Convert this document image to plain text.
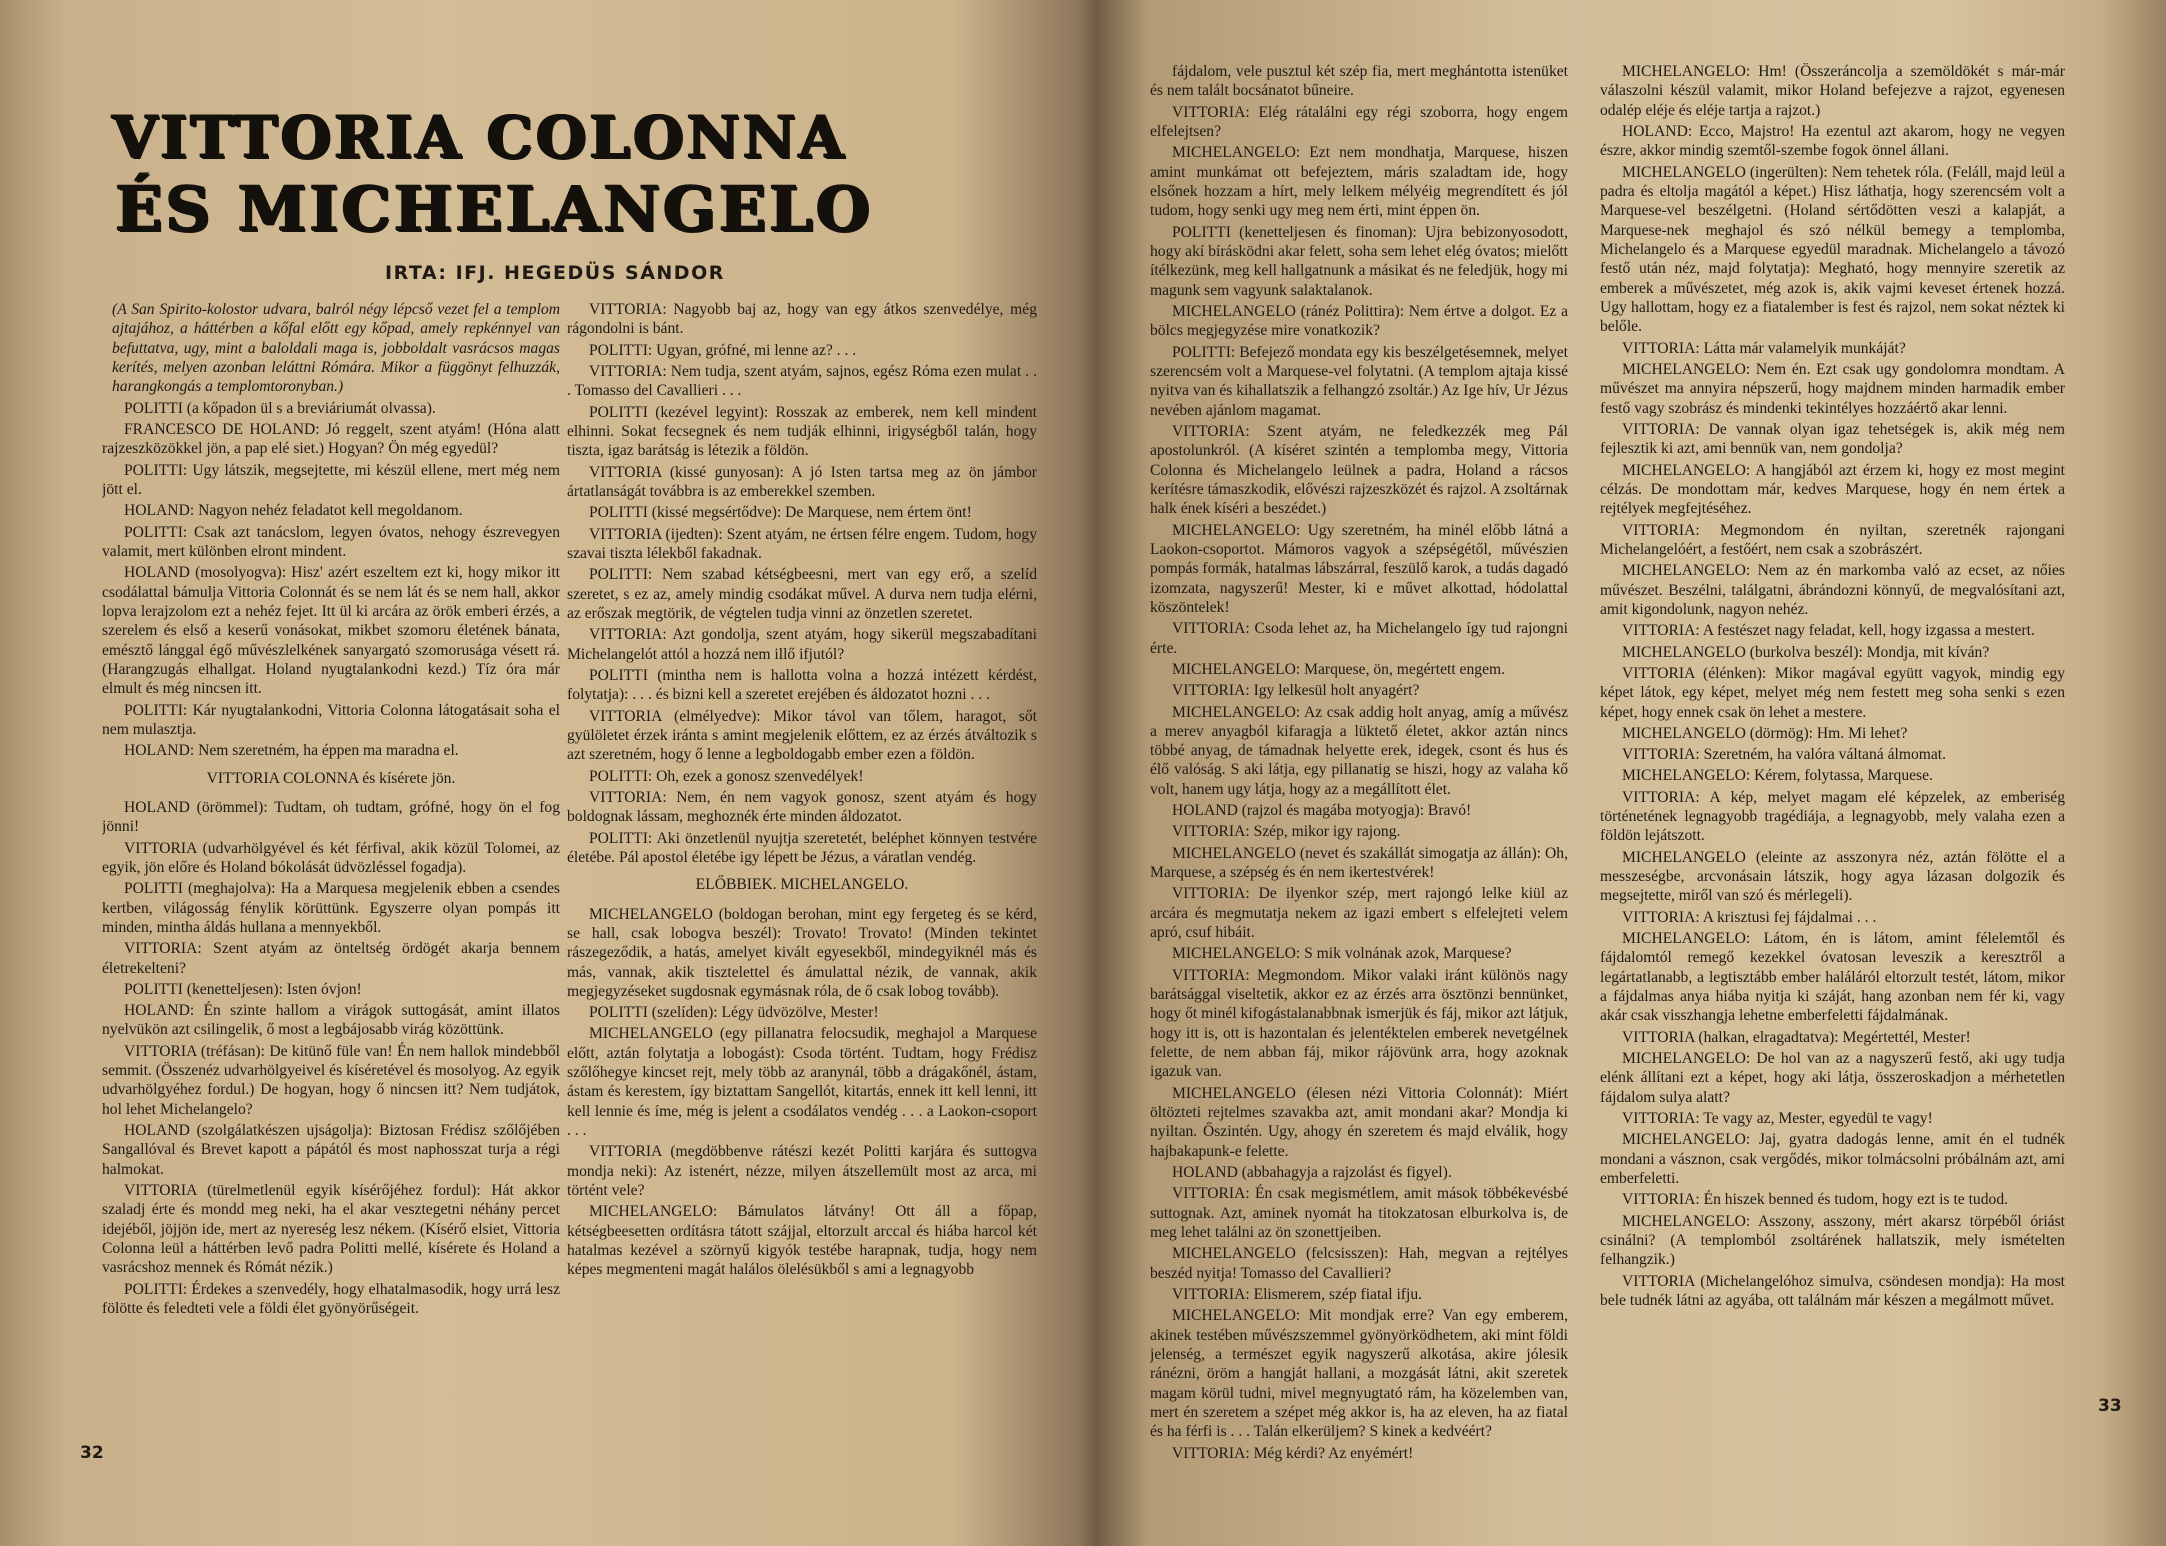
VITTORIA COLONNA
ÉS MICHELANGELO
IRTA: IFJ. HEGEDÜS SÁNDOR

(A San Spirito-kolostor udvara, balról négy lépcső vezet fel a templom ajtajához, a háttérben a kőfal előtt egy kőpad, amely repkénnyel van befuttatva, ugy, mint a baloldali maga is, jobboldalt vasrácsos magas kerítés, melyen azonban leláttni Rómára. Mikor a függönyt felhuzzák, harangkongás a templomtoronyban.)

POLITTI (a kőpadon ül s a breviáriumát olvassa).

FRANCESCO DE HOLAND: Jó reggelt, szent atyám! (Hóna alatt rajzeszközökkel jön, a pap elé siet.) Hogyan? Ön még egyedül?

POLITTI: Ugy látszik, megsejtette, mi készül ellene, mert még nem jött el.

HOLAND: Nagyon nehéz feladatot kell megoldanom.

POLITTI: Csak azt tanácslom, legyen óvatos, nehogy észrevegyen valamit, mert különben elront mindent.

HOLAND (mosolyogva): Hisz' azért eszeltem ezt ki, hogy mikor itt csodálattal bámulja Vittoria Colonnát és se nem lát és se nem hall, akkor lopva lerajzolom ezt a nehéz fejet. Itt ül ki arcára az örök emberi érzés, a szerelem és első a keserű vonásokat, mikbet szomoru életének bánata, emésztő lánggal égő művészlelkének sanyargató szomorusága vésett rá. (Harangzugás elhallgat. Holand nyugtalankodni kezd.) Tíz óra már elmult és még nincsen itt.

POLITTI: Kár nyugtalankodni, Vittoria Colonna látogatásait soha el nem mulasztja.

HOLAND: Nem szeretném, ha éppen ma maradna el.

VITTORIA COLONNA és kísérete jön.

HOLAND (örömmel): Tudtam, oh tudtam, grófné, hogy ön el fog jönni!

VITTORIA (udvarhölgyével és két férfival, akik közül Tolomei, az egyik, jön előre és Holand bókolását üdvözléssel fogadja).

POLITTI (meghajolva): Ha a Marquesa megjelenik ebben a csendes kertben, világosság fénylik körüttünk. Egyszerre olyan pompás itt minden, mintha áldás hullana a mennyekből.

VITTORIA: Szent atyám az önteltség ördögét akarja bennem életrekelteni?

POLITTI (kenetteljesen): Isten óvjon!

HOLAND: Én szinte hallom a virágok suttogását, amint illatos nyelvükön azt csilingelik, ő most a legbájosabb virág közöttünk.

VITTORIA (tréfásan): De kitünő füle van! Én nem hallok mindebből semmit. (Összenéz udvarhölgyeivel és kíséretével és mosolyog. Az egyik udvarhölgyéhez fordul.) De hogyan, hogy ő nincsen itt? Nem tudjátok, hol lehet Michelangelo?

HOLAND (szolgálatkészen ujságolja): Biztosan Frédisz szőlőjében Sangallóval és Brevet kapott a pápától és most naphosszat turja a régi halmokat.

VITTORIA (türelmetlenül egyik kísérőjéhez fordul): Hát akkor szaladj érte és mondd meg neki, ha el akar vesztegetni néhány percet idejéből, jöjjön ide, mert az nyereség lesz nékem. (Kísérő elsiet, Vittoria Colonna leül a háttérben levő padra Politti mellé, kísérete és Holand a vasrácshoz mennek és Rómát nézik.)

POLITTI: Érdekes a szenvedély, hogy elhatalmasodik, hogy urrá lesz fölötte és feledteti vele a földi élet gyönyörűségeit.

VITTORIA: Nagyobb baj az, hogy van egy átkos szenvedélye, még rágondolni is bánt.

POLITTI: Ugyan, grófné, mi lenne az? . . .

VITTORIA: Nem tudja, szent atyám, sajnos, egész Róma ezen mulat . . . Tomasso del Cavallieri . . .

POLITTI (kezével legyint): Rosszak az emberek, nem kell mindent elhinni. Sokat fecsegnek és nem tudják elhinni, irigységből talán, hogy tiszta, igaz barátság is létezik a földön.

VITTORIA (kissé gunyosan): A jó Isten tartsa meg az ön jámbor ártatlanságát továbbra is az emberekkel szemben.

POLITTI (kissé megsértődve): De Marquese, nem értem önt!

VITTORIA (ijedten): Szent atyám, ne értsen félre engem. Tudom, hogy szavai tiszta lélekből fakadnak.

POLITTI: Nem szabad kétségbeesni, mert van egy erő, a szelíd szeretet, s ez az, amely mindig csodákat művel. A durva nem tudja elérni, az erőszak megtörik, de végtelen tudja vinni az önzetlen szeretet.

VITTORIA: Azt gondolja, szent atyám, hogy sikerül megszabadítani Michelangelót attól a hozzá nem illő ifjutól?

POLITTI (mintha nem is hallotta volna a hozzá intézett kérdést, folytatja): . . . és bizni kell a szeretet erejében és áldozatot hozni . . .

VITTORIA (elmélyedve): Mikor távol van tőlem, haragot, sőt gyülöletet érzek iránta s amint megjelenik előttem, ez az érzés átváltozik s azt szeretném, hogy ő lenne a legboldogabb ember ezen a földön.

POLITTI: Oh, ezek a gonosz szenvedélyek!

VITTORIA: Nem, én nem vagyok gonosz, szent atyám és hogy boldognak lássam, meghoznék érte minden áldozatot.

POLITTI: Aki önzetlenül nyujtja szeretetét, beléphet könnyen testvére életébe. Pál apostol életébe igy lépett be Jézus, a váratlan vendég.

ELŐBBIEK. MICHELANGELO.

MICHELANGELO (boldogan berohan, mint egy fergeteg és se kérd, se hall, csak lobogva beszél): Trovato! Trovato! (Minden tekintet rászegeződik, a hatás, amelyet kivált egyesekből, mindegyiknél más és más, vannak, akik tisztelettel és ámulattal nézik, de vannak, akik megjegyzéseket sugdosnak egymásnak róla, de ő csak lobog tovább).

POLITTI (szelíden): Légy üdvözölve, Mester!

MICHELANGELO (egy pillanatra felocsudik, meghajol a Marquese előtt, aztán folytatja a lobogást): Csoda történt. Tudtam, hogy Frédisz szőlőhegye kincset rejt, mely több az aranynál, több a drágakőnél, ástam, ástam és kerestem, így biztattam Sangellót, kitartás, ennek itt kell lenni, itt kell lennie és íme, még is jelent a csodálatos vendég . . . a Laokon-csoport . . .

VITTORIA (megdöbbenve rátészi kezét Politti karjára és suttogva mondja neki): Az istenért, nézze, milyen átszellemült most az arca, mi történt vele?

MICHELANGELO: Bámulatos látvány! Ott áll a főpap, kétségbeesetten ordításra tátott szájjal, eltorzult arccal és hiába harcol két hatalmas kezével a szörnyű kigyók testébe harapnak, tudja, hogy nem képes megmenteni magát halálos ölelésükből s ami a legnagyobb

32

fájdalom, vele pusztul két szép fia, mert meghántotta istenüket és nem talált bocsánatot bűneire.

VITTORIA: Elég rátalálni egy régi szoborra, hogy engem elfelejtsen?

MICHELANGELO: Ezt nem mondhatja, Marquese, hiszen amint munkámat ott befejeztem, máris szaladtam ide, hogy elsőnek hozzam a hírt, mely lelkem mélyéig megrendített és jól tudom, hogy senki ugy meg nem érti, mint éppen ön.

POLITTI (kenetteljesen és finoman): Ujra bebizonyosodott, hogy akí bírásködni akar felett, soha sem lehet elég óvatos; mielőtt ítélkezünk, meg kell hallgatnunk a másikat és ne feledjük, hogy mi magunk sem vagyunk salaktalanok.

MICHELANGELO (ránéz Polittira): Nem értve a dolgot. Ez a bölcs megjegyzése mire vonatkozik?

POLITTI: Befejező mondata egy kis beszélgetésemnek, melyet szerencsém volt a Marquese-vel folytatni. (A templom ajtaja kissé nyitva van és kihallatszik a felhangzó zsoltár.) Az Ige hív, Ur Jézus nevében ajánlom magamat.

VITTORIA: Szent atyám, ne feledkezzék meg Pál apostolunkról. (A kíséret szintén a templomba megy, Vittoria Colonna és Michelangelo leülnek a padra, Holand a rácsos kerítésre támaszkodik, elővészi rajzeszközét és rajzol. A zsoltárnak halk ének kíséri a beszédet.)

MICHELANGELO: Ugy szeretném, ha minél előbb látná a Laokon-csoportot. Mámoros vagyok a szépségétől, művészien pompás formák, hatalmas lábszárral, feszülő karok, a tudás dagadó izomzata, nagyszerű! Mester, ki e művet alkottad, hódolattal köszöntelek!

VITTORIA: Csoda lehet az, ha Michelangelo így tud rajongni érte.

MICHELANGELO: Marquese, ön, megértett engem.

VITTORIA: Igy lelkesül holt anyagért?

MICHELANGELO: Az csak addig holt anyag, amíg a művész a merev anyagból kifaragja a lüktető életet, akkor aztán nincs többé anyag, de támadnak helyette erek, idegek, csont és hus és élő valóság. S aki látja, egy pillanatig se hiszi, hogy az valaha kő volt, hanem ugy látja, hogy az a megállított élet.

HOLAND (rajzol és magába motyogja): Bravó!

VITTORIA: Szép, mikor igy rajong.

MICHELANGELO (nevet és szakállát simogatja az állán): Oh, Marquese, a szépség és én nem ikertestvérek!

VITTORIA: De ilyenkor szép, mert rajongó lelke kiül az arcára és megmutatja nekem az igazi embert s elfelejteti velem apró, csuf hibáit.

MICHELANGELO: S mik volnának azok, Marquese?

VITTORIA: Megmondom. Mikor valaki iránt különös nagy barátsággal viseltetik, akkor ez az érzés arra ösztönzi bennünket, hogy őt minél kifogástalanabbnak ismerjük és fáj, mikor azt látjuk, hogy itt is, ott is hazontalan és jelentéktelen emberek nevetgélnek felette, de nem abban fáj, mikor rájövünk arra, hogy azoknak igazuk van.

MICHELANGELO (élesen nézi Vittoria Colonnát): Miért öltözteti rejtelmes szavakba azt, amit mondani akar? Mondja ki nyiltan. Őszintén. Ugy, ahogy én szeretem és majd elválik, hogy hajbakapunk-e felette.

HOLAND (abbahagyja a rajzolást és figyel).

VITTORIA: Én csak megismétlem, amit mások többékevésbé suttognak. Azt, aminek nyomát ha titokzatosan elburkolva is, de meg lehet találni az ön szonettjeiben.

MICHELANGELO (felcsisszen): Hah, megvan a rejtélyes beszéd nyitja! Tomasso del Cavallieri?

VITTORIA: Elismerem, szép fiatal ifju.

MICHELANGELO: Mit mondjak erre? Van egy emberem, akinek testében művészszemmel gyönyörködhetem, aki mint földi jelenség, a természet egyik nagyszerű alkotása, akire jólesik ránézni, öröm a hangját hallani, a mozgását látni, akit szeretek magam körül tudni, mivel megnyugtató rám, ha közelemben van, mert én szeretem a szépet még akkor is, ha az eleven, ha az fiatal és ha férfi is . . . Talán elkerüljem? S kinek a kedvéért?

VITTORIA: Még kérdi? Az enyémért!

MICHELANGELO: Hm! (Összeráncolja a szemöldökét s már-már válaszolni készül valamit, mikor Holand befejezve a rajzot, egyenesen odalép eléje és eléje tartja a rajzot.)

HOLAND: Ecco, Majstro! Ha ezentul azt akarom, hogy ne vegyen észre, akkor mindig szemtől-szembe fogok önnel állani.

MICHELANGELO (ingerülten): Nem tehetek róla. (Feláll, majd leül a padra és eltolja magától a képet.) Hisz láthatja, hogy szerencsém volt a Marquese-vel beszélgetni. (Holand sértődötten veszi a kalapját, a Marquese-nek meghajol és szó nélkül bemegy a templomba, Michelangelo és a Marquese egyedül maradnak. Michelangelo a távozó festő után néz, majd folytatja): Megható, hogy mennyire szeretik az emberek a művészetet, még azok is, akik vajmi keveset értenek hozzá. Ugy hallottam, hogy ez a fiatalember is fest és rajzol, nem sokat néztek ki belőle.

VITTORIA: Látta már valamelyik munkáját?

MICHELANGELO: Nem én. Ezt csak ugy gondolomra mondtam. A művészet ma annyira népszerű, hogy majdnem minden harmadik ember festő vagy szobrász és mindenki tekintélyes hozzáértő akar lenni.

VITTORIA: De vannak olyan igaz tehetségek is, akik még nem fejlesztik ki azt, ami bennük van, nem gondolja?

MICHELANGELO: A hangjából azt érzem ki, hogy ez most megint célzás. De mondottam már, kedves Marquese, hogy én nem értek a rejtélyek megfejtéséhez.

VITTORIA: Megmondom én nyiltan, szeretnék rajongani Michelangelóért, a festőért, nem csak a szobrászért.

MICHELANGELO: Nem az én markomba való az ecset, az nőies művészet. Beszélni, találgatni, ábrándozni könnyű, de megvalósítani azt, amit kigondolunk, nagyon nehéz.

VITTORIA: A festészet nagy feladat, kell, hogy izgassa a mestert.

MICHELANGELO (burkolva beszél): Mondja, mit kíván?

VITTORIA (élénken): Mikor magával együtt vagyok, mindig egy képet látok, egy képet, melyet még nem festett meg soha senki s ezen képet, hogy ennek csak ön lehet a mestere.

MICHELANGELO (dörmög): Hm. Mi lehet?

VITTORIA: Szeretném, ha valóra váltaná álmomat.

MICHELANGELO: Kérem, folytassa, Marquese.

VITTORIA: A kép, melyet magam elé képzelek, az emberiség történetének legnagyobb tragédiája, a legnagyobb, mely valaha ezen a földön lejátszott.

MICHELANGELO (eleinte az asszonyra néz, aztán fölötte el a messzeségbe, arcvonásain látszik, hogy agya lázasan dolgozik és megsejtette, miről van szó és mérlegeli).

VITTORIA: A krisztusi fej fájdalmai . . .

MICHELANGELO: Látom, én is látom, amint félelemtől és fájdalomtól remegő kezekkel óvatosan leveszik a keresztről a legártatlanabb, a legtisztább ember haláláról eltorzult testét, látom, mikor a fájdalmas anya hiába nyitja ki száját, hang azonban nem fér ki, vagy akár csak visszhangja lehetne emberfeletti fájdalmának.

VITTORIA (halkan, elragadtatva): Megértettél, Mester!

MICHELANGELO: De hol van az a nagyszerű festő, aki ugy tudja elénk állítani ezt a képet, hogy aki látja, összeroskadjon a mérhetetlen fájdalom sulya alatt?

VITTORIA: Te vagy az, Mester, egyedül te vagy!

MICHELANGELO: Jaj, gyatra dadogás lenne, amit én el tudnék mondani a vásznon, csak vergődés, mikor tolmácsolni próbálnám azt, ami emberfeletti.

VITTORIA: Én hiszek benned és tudom, hogy ezt is te tudod.

MICHELANGELO: Asszony, asszony, mért akarsz törpéből óriást csinálni? (A templomból zsoltárének hallatszik, mely ismételten felhangzik.)

VITTORIA (Michelangelóhoz simulva, csöndesen mondja): Ha most bele tudnék látni az agyába, ott találnám már készen a megálmott művet.

33
